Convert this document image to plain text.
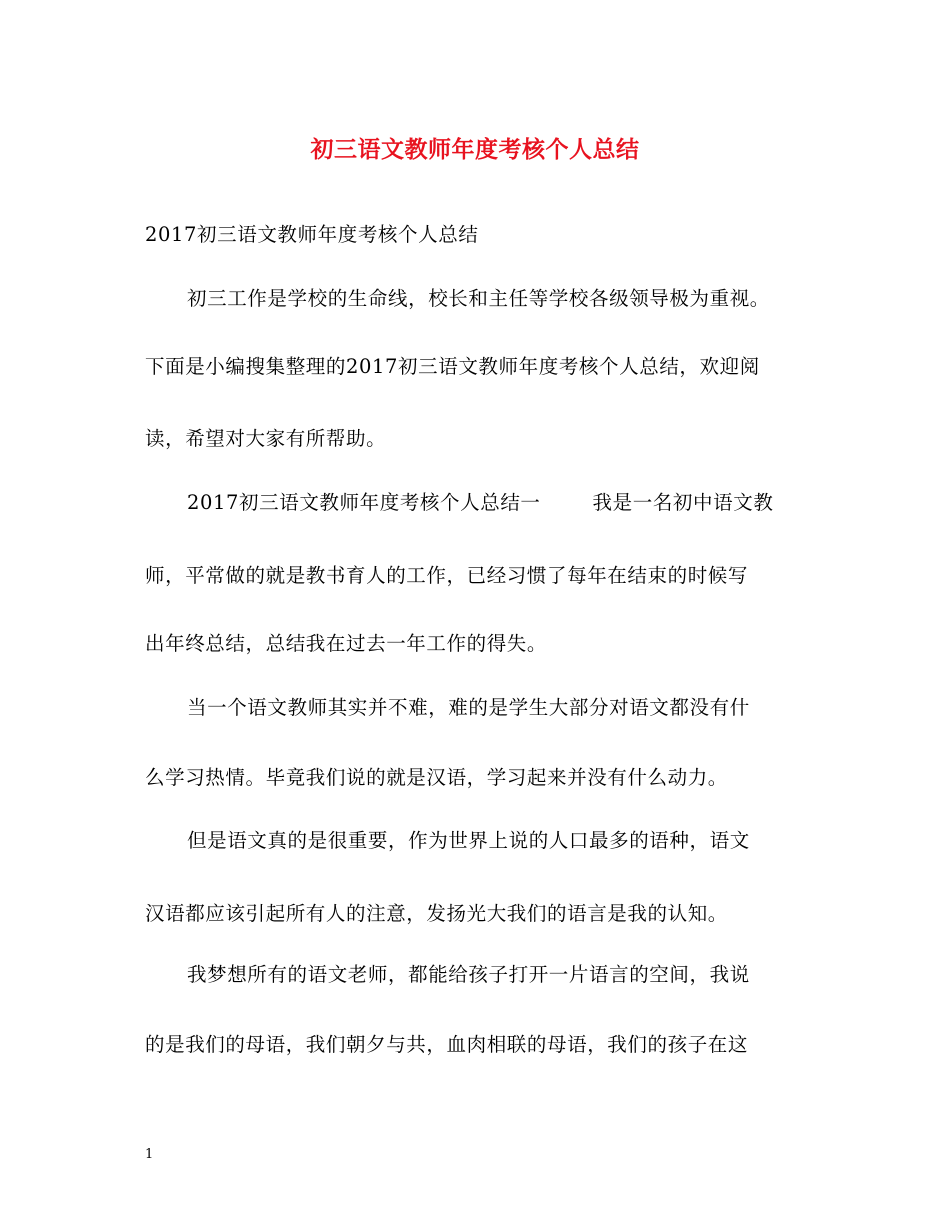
初三语文教师年度考核个人总结
2017初三语文教师年度考核个人总结
初三工作是学校的生命线，校长和主任等学校各级领导极为重视。
下面是小编搜集整理的2017初三语文教师年度考核个人总结，欢迎阅
读，希望对大家有所帮助。
2017初三语文教师年度考核个人总结一	我是一名初中语文教
师，平常做的就是教书育人的工作，已经习惯了每年在结束的时候写
出年终总结，总结我在过去一年工作的得失。
当一个语文教师其实并不难，难的是学生大部分对语文都没有什
么学习热情。毕竟我们说的就是汉语，学习起来并没有什么动力。
但是语文真的是很重要，作为世界上说的人口最多的语种，语文
汉语都应该引起所有人的注意，发扬光大我们的语言是我的认知。
我梦想所有的语文老师，都能给孩子打开一片语言的空间，我说
的是我们的母语，我们朝夕与共，血肉相联的母语，我们的孩子在这
1
